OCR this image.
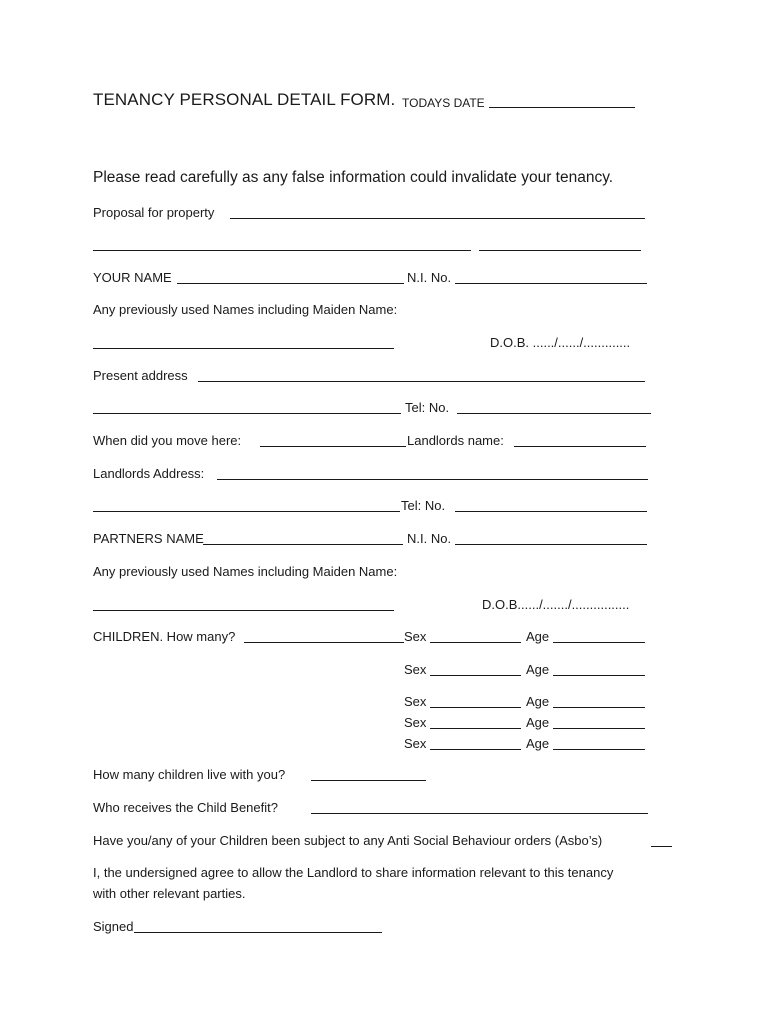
TENANCY PERSONAL DETAIL FORM. TODAYS DATE
Please read carefully as any false information could invalidate your tenancy.
Proposal for property
YOUR NAME	N.I. No.
Any previously used Names including Maiden Name:
D.O.B. ....../....../.............
Present address
Tel: No.
When did you move here:	Landlords name:
Landlords Address:
Tel: No.
PARTNERS NAME	N.I. No.
Any previously used Names including Maiden Name:
D.O.B....../......./................
CHILDREN. How many?	Sex	Age
Sex	Age
Sex	Age
Sex	Age
Sex	Age
How many children live with you?
Who receives the Child Benefit?
Have you/any of your Children been subject to any Anti Social Behaviour orders (Asbo’s)
I, the undersigned agree to allow the Landlord to share information relevant to this tenancy
with other relevant parties.
Signed
